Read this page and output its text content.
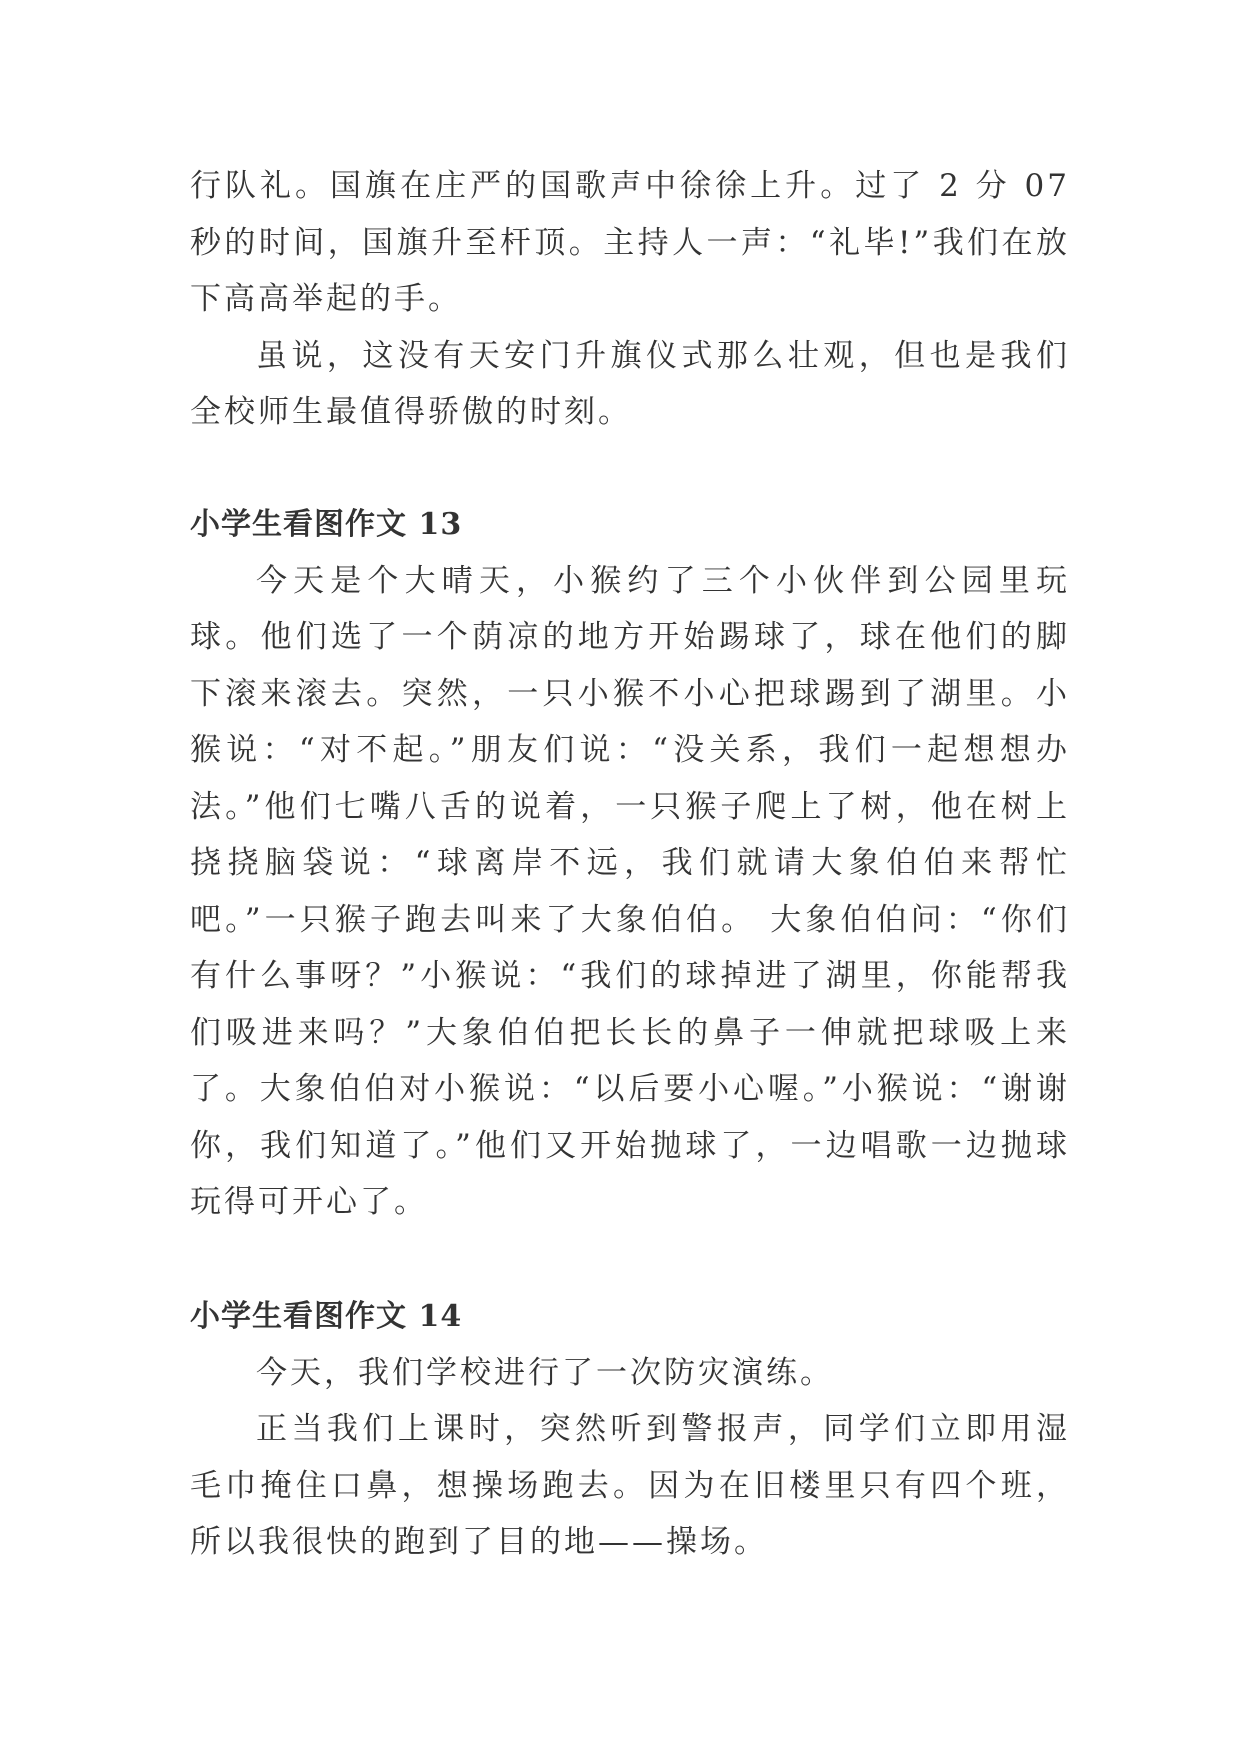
行队礼。国旗在庄严的国歌声中徐徐上升。过了 2 分 07 秒的时间，国旗升至杆顶。主持人一声：“礼毕!”我们在放下高高举起的手。

虽说，这没有天安门升旗仪式那么壮观，但也是我们全校师生最值得骄傲的时刻。

小学生看图作文 13

今天是个大晴天，小猴约了三个小伙伴到公园里玩球。他们选了一个荫凉的地方开始踢球了，球在他们的脚下滚来滚去。突然，一只小猴不小心把球踢到了湖里。小猴说：“对不起。”朋友们说：“没关系，我们一起想想办法。”他们七嘴八舌的说着，一只猴子爬上了树，他在树上挠挠脑袋说：“球离岸不远，我们就请大象伯伯来帮忙吧。”一只猴子跑去叫来了大象伯伯。 大象伯伯问：“你们有什么事呀？”小猴说：“我们的球掉进了湖里，你能帮我们吸进来吗？”大象伯伯把长长的鼻子一伸就把球吸上来了。大象伯伯对小猴说：“以后要小心喔。”小猴说：“谢谢你，我们知道了。”他们又开始抛球了，一边唱歌一边抛球玩得可开心了。

小学生看图作文 14

今天，我们学校进行了一次防灾演练。

正当我们上课时，突然听到警报声，同学们立即用湿毛巾掩住口鼻，想操场跑去。因为在旧楼里只有四个班，所以我很快的跑到了目的地——操场。
